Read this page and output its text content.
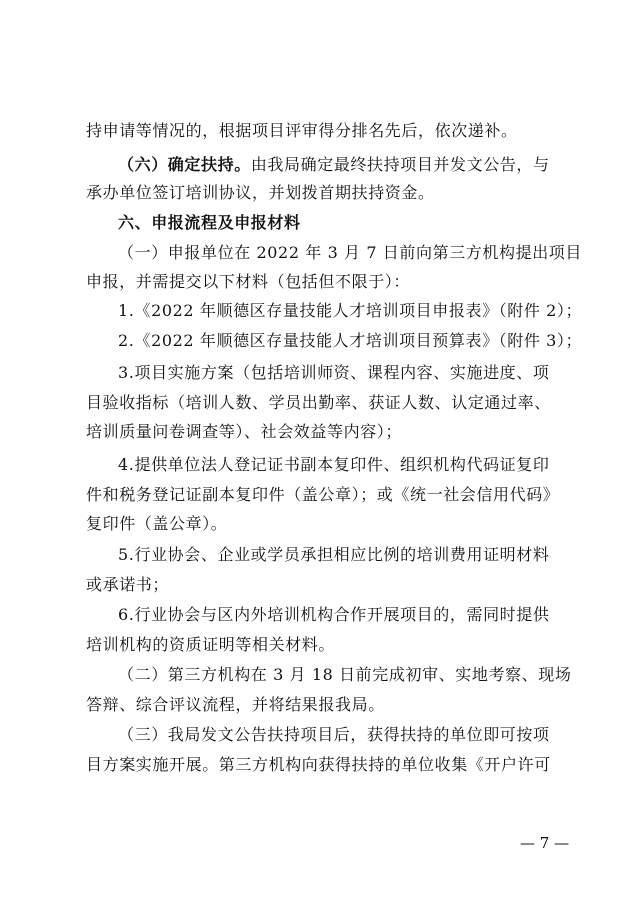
持申请等情况的，根据项目评审得分排名先后，依次递补。
（六）确定扶持。由我局确定最终扶持项目并发文公告，与
承办单位签订培训协议，并划拨首期扶持资金。
六、申报流程及申报材料
（一）申报单位在 2022 年 3 月 7 日前向第三方机构提出项目
申报，并需提交以下材料（包括但不限于）：
1.《2022 年顺德区存量技能人才培训项目申报表》（附件 2）；
2.《2022 年顺德区存量技能人才培训项目预算表》（附件 3）；
3.项目实施方案（包括培训师资、课程内容、实施进度、项
目验收指标（培训人数、学员出勤率、获证人数、认定通过率、
培训质量问卷调查等）、社会效益等内容）；
4.提供单位法人登记证书副本复印件、组织机构代码证复印
件和税务登记证副本复印件（盖公章）；或《统一社会信用代码》
复印件（盖公章）。
5.行业协会、企业或学员承担相应比例的培训费用证明材料
或承诺书；
6.行业协会与区内外培训机构合作开展项目的，需同时提供
培训机构的资质证明等相关材料。
（二）第三方机构在 3 月 18 日前完成初审、实地考察、现场
答辩、综合评议流程，并将结果报我局。
（三）我局发文公告扶持项目后，获得扶持的单位即可按项
目方案实施开展。第三方机构向获得扶持的单位收集《开户许可
— 7 —
